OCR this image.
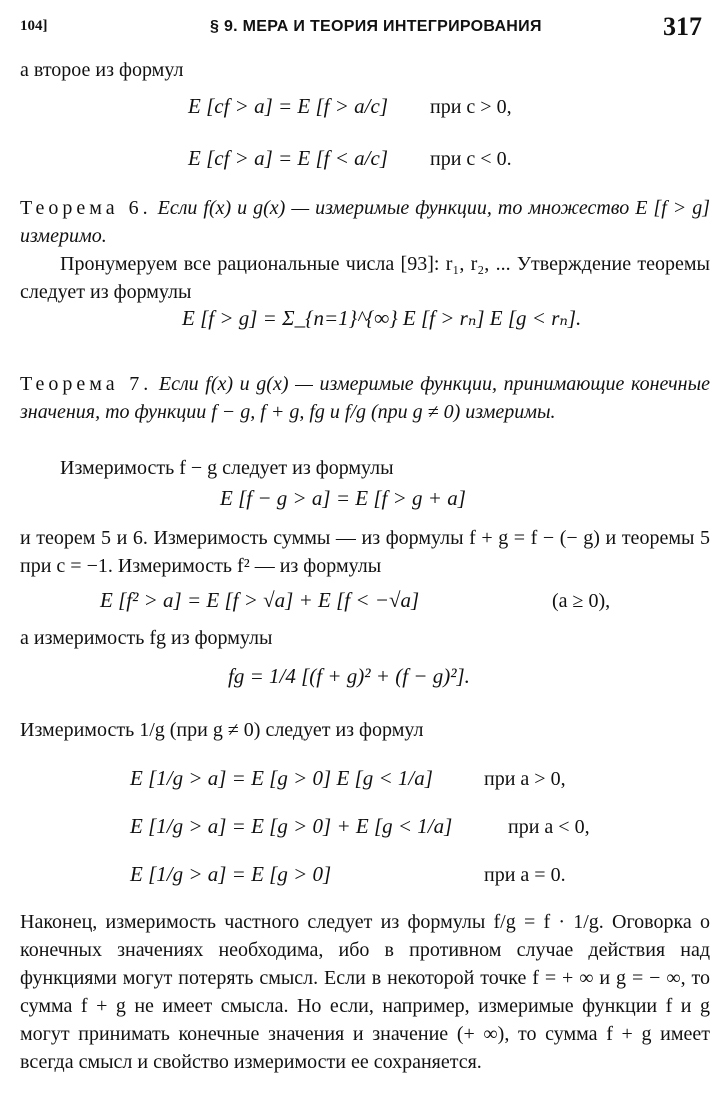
104]	§ 9. МЕРА И ТЕОРИЯ ИНТЕГРИРОВАНИЯ	317
а второе из формул
E [cf > a] = E [f > a/c] при c > 0,
E [cf > a] = E [f < a/c] при c < 0.
Теорема 6. Если f(x) и g(x) — измеримые функции, то множество E [f > g] измеримо.
Пронумеруем все рациональные числа [93]: r₁, r₂, ... Утверждение теоремы следует из формулы
E [f > g] = Σ_{n=1}^{∞} E [f > rₙ] E [g < rₙ].
Теорема 7. Если f(x) и g(x) — измеримые функции, принимающие конечные значения, то функции f − g, f + g, fg и f/g (при g ≠ 0) измеримы.
Измеримость f − g следует из формулы
E [f − g > a] = E [f > g + a]
и теорем 5 и 6. Измеримость суммы — из формулы f + g = f − (− g) и теоремы 5 при c = −1. Измеримость f² — из формулы
E [f² > a] = E [f > √a] + E [f < −√a]	(a ≥ 0),
а измеримость fg из формулы
fg = 1/4 [(f + g)² + (f − g)²].
Измеримость 1/g (при g ≠ 0) следует из формул
E [1/g > a] = E [g > 0] E [g < 1/a]	при a > 0,
E [1/g > a] = E [g > 0] + E [g < 1/a]	при a < 0,
E [1/g > a] = E [g > 0]	при a = 0.
Наконец, измеримость частного следует из формулы f/g = f · 1/g. Оговорка о конечных значениях необходима, ибо в противном случае действия над функциями могут потерять смысл. Если в некоторой точке f = + ∞ и g = − ∞, то сумма f + g не имеет смысла. Но если, например, измеримые функции f и g могут принимать конечные значения и значение (+ ∞), то сумма f + g имеет всегда смысл и свойство измеримости ее сохраняется.
